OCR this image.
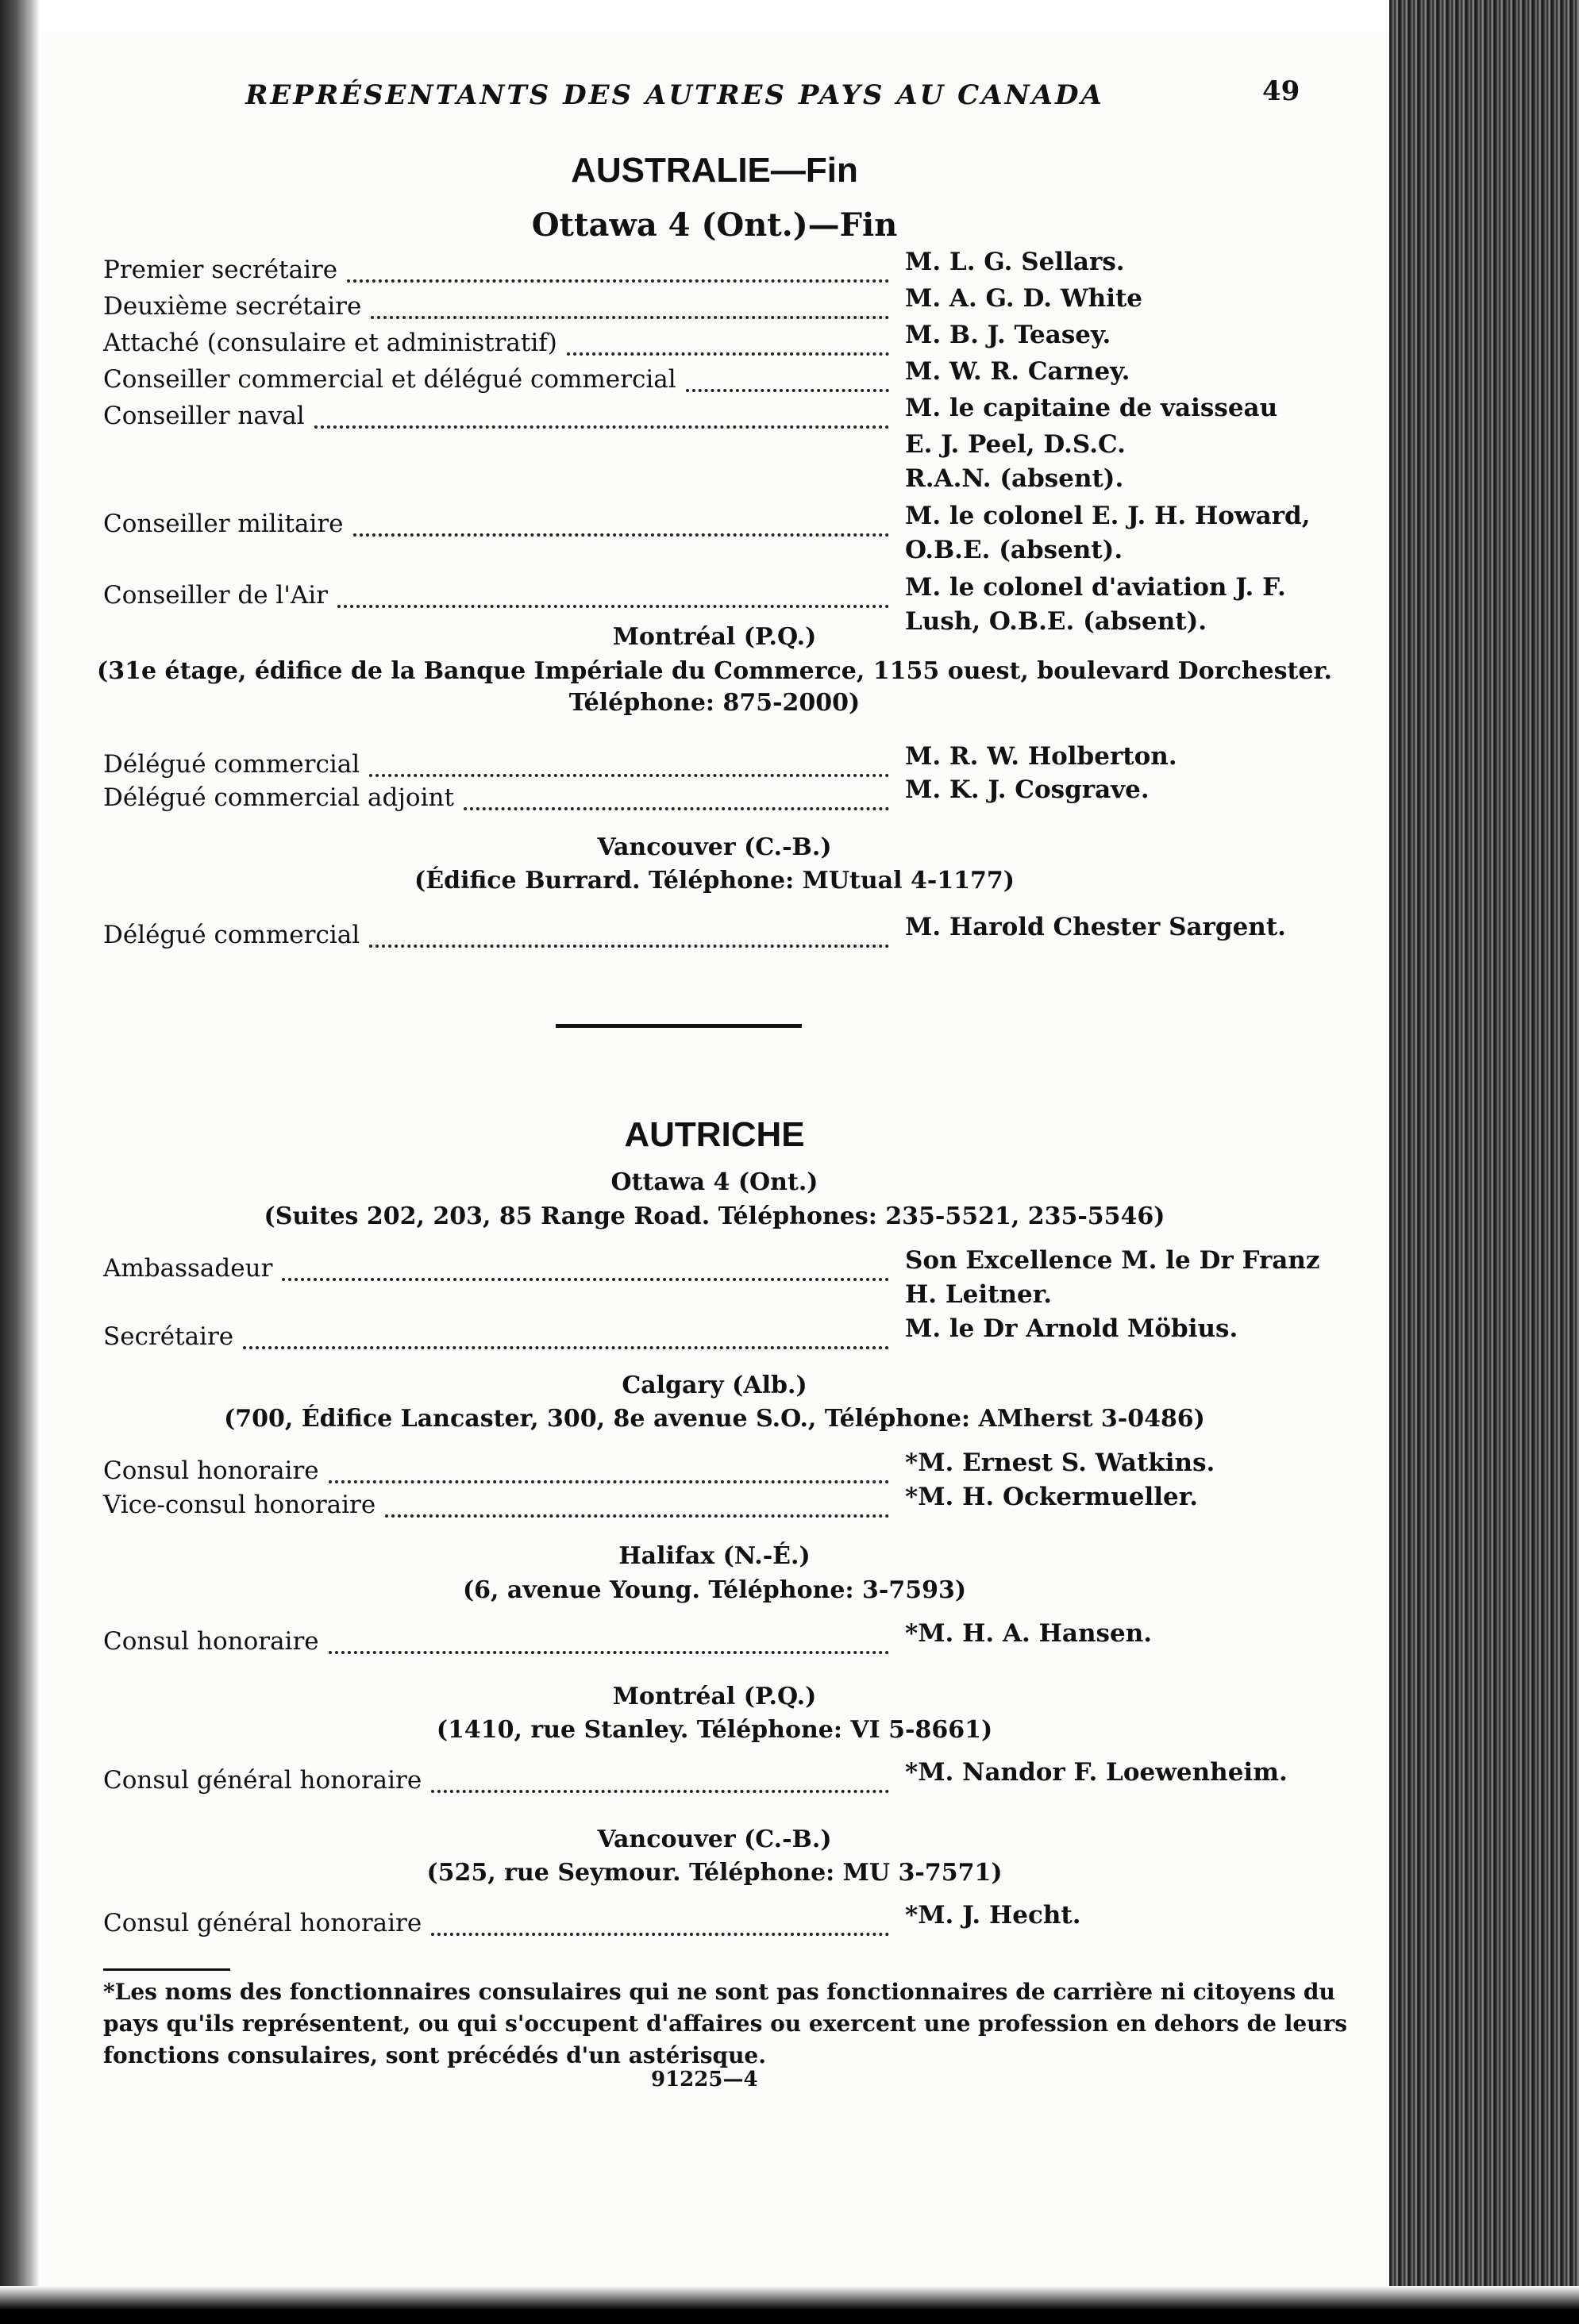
REPRÉSENTANTS DES AUTRES PAYS AU CANADA	49
AUSTRALIE—Fin
Ottawa 4 (Ont.)—Fin
Premier secrétaire	M. L. G. Sellars.
Deuxième secrétaire	M. A. G. D. White
Attaché (consulaire et administratif)	M. B. J. Teasey.
Conseiller commercial et délégué commercial	M. W. R. Carney.
Conseiller naval	M. le capitaine de vaisseau
E. J. Peel, D.S.C.
R.A.N. (absent).
Conseiller militaire	M. le colonel E. J. H. Howard,
O.B.E. (absent).
Conseiller de l'Air	M. le colonel d'aviation J. F.
Lush, O.B.E. (absent).
Montréal (P.Q.)
(31e étage, édifice de la Banque Impériale du Commerce, 1155 ouest, boulevard Dorchester.
Téléphone: 875-2000)
Délégué commercial	M. R. W. Holberton.
Délégué commercial adjoint	M. K. J. Cosgrave.
Vancouver (C.-B.)
(Édifice Burrard. Téléphone: MUtual 4-1177)
Délégué commercial	M. Harold Chester Sargent.
AUTRICHE
Ottawa 4 (Ont.)
(Suites 202, 203, 85 Range Road. Téléphones: 235-5521, 235-5546)
Ambassadeur	Son Excellence M. le Dr Franz
H. Leitner.
Secrétaire	M. le Dr Arnold Möbius.
Calgary (Alb.)
(700, Édifice Lancaster, 300, 8e avenue S.O., Téléphone: AMherst 3-0486)
Consul honoraire	*M. Ernest S. Watkins.
Vice-consul honoraire	*M. H. Ockermueller.
Halifax (N.-É.)
(6, avenue Young. Téléphone: 3-7593)
Consul honoraire	*M. H. A. Hansen.
Montréal (P.Q.)
(1410, rue Stanley. Téléphone: VI 5-8661)
Consul général honoraire	*M. Nandor F. Loewenheim.
Vancouver (C.-B.)
(525, rue Seymour. Téléphone: MU 3-7571)
Consul général honoraire	*M. J. Hecht.
*Les noms des fonctionnaires consulaires qui ne sont pas fonctionnaires de carrière ni citoyens du pays qu'ils représentent, ou qui s'occupent d'affaires ou exercent une profession en dehors de leurs fonctions consulaires, sont précédés d'un astérisque.
91225—4
